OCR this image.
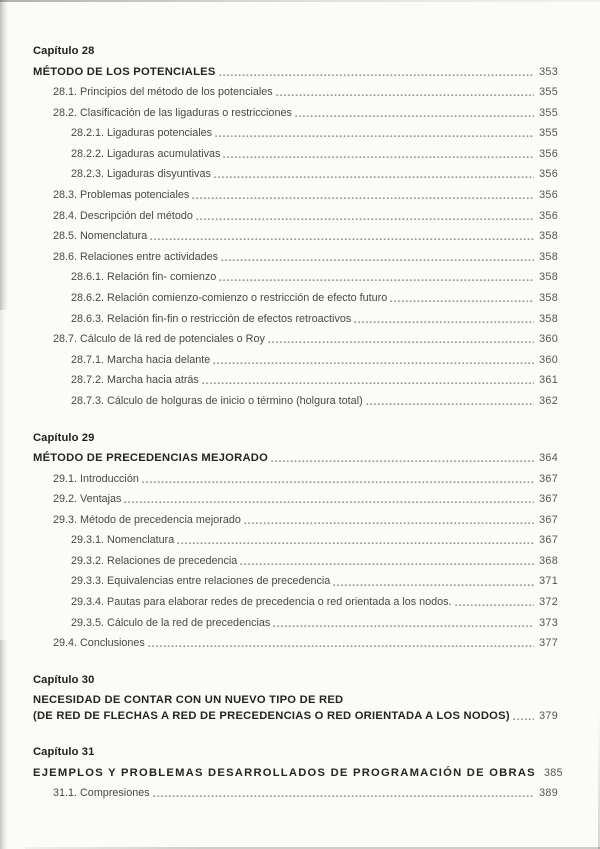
Capítulo 28
MÉTODO DE LOS POTENCIALES	353
28.1. Principios del método de los potenciales	355
28.2. Clasificación de las ligaduras o restricciones	355
28.2.1. Ligaduras potenciales	355
28.2.2. Ligaduras acumulativas	356
28.2.3. Ligaduras disyuntivas	356
28.3. Problemas potenciales	356
28.4. Descripción del método	356
28.5. Nomenclatura	358
28.6. Relaciones entre actividades	358
28.6.1. Relación fin- comienzo	358
28.6.2. Relación comienzo-comienzo o restricción de efecto futuro	358
28.6.3. Relación fin-fin o restricción de efectos retroactivos	358
28.7. Cálculo de lá red de potenciales o Roy	360
28.7.1. Marcha hacia delante	360
28.7.2. Marcha hacia atrás	361
28.7.3. Cálculo de holguras de inicio o término (holgura total)	362
Capítulo 29
MÉTODO DE PRECEDENCIAS MEJORADO	364
29.1. Introducción	367
29.2. Ventajas	367
29.3. Método de precedencia mejorado	367
29.3.1. Nomenclatura	367
29.3.2. Relaciones de precedencia	368
29.3.3. Equivalencias entre relaciones de precedencia	371
29.3.4. Pautas para elaborar redes de precedencia o red orientada a los nodos.	372
29.3.5. Cálculo de la red de precedencias	373
29.4. Conclusiones	377
Capítulo 30
NECESIDAD DE CONTAR CON UN NUEVO TIPO DE RED
(DE RED DE FLECHAS A RED DE PRECEDENCIAS O RED ORIENTADA A LOS NODOS)	379
Capítulo 31
EJEMPLOS Y PROBLEMAS DESARROLLADOS DE PROGRAMACIÓN DE OBRAS 385
31.1. Compresiones	389
